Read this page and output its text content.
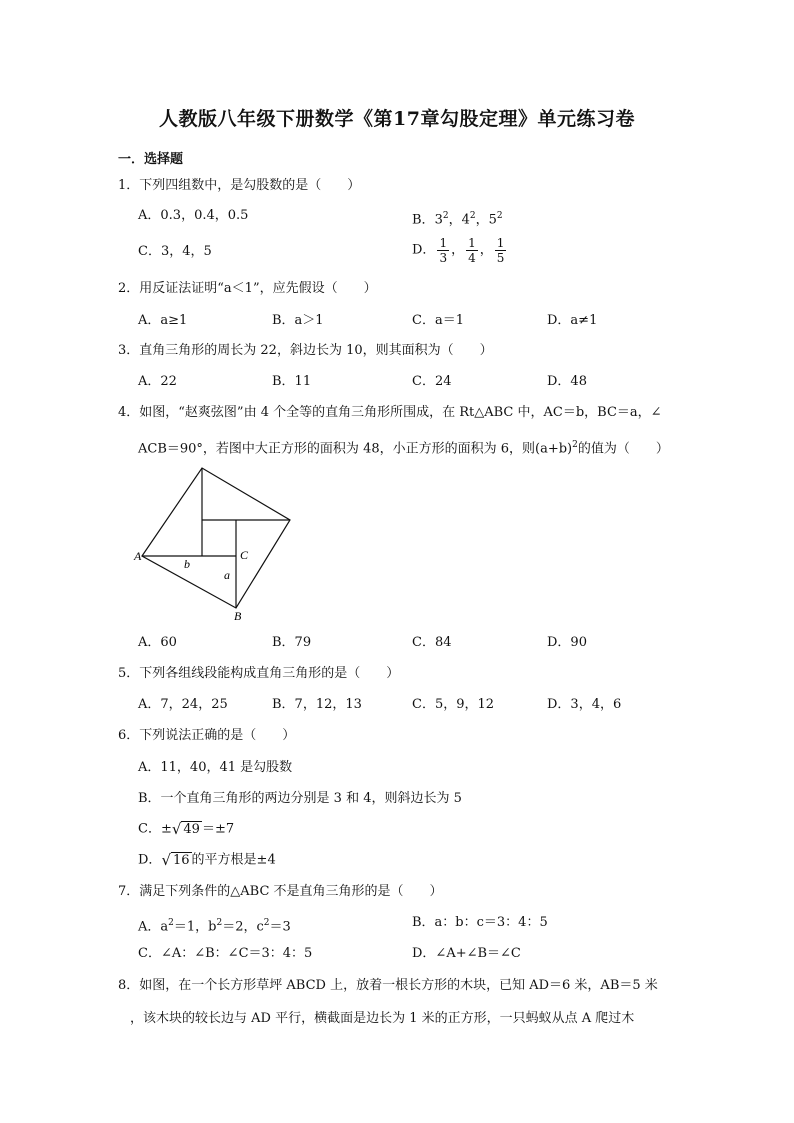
人教版八年级下册数学《第17章勾股定理》单元练习卷
一．选择题
1．下列四组数中，是勾股数的是（　　）
A．0.3，0.4，0.5	B．$3^2$，$4^2$，$5^2$
C．3，4，5	D． $\frac{1}{3}$ ， $\frac{1}{4}$ ， $\frac{1}{5}$
2．用反证法证明“a＜1”，应先假设（　　）
A．a≥1	B．a＞1	C．a＝1	D．a≠1
3．直角三角形的周长为 22，斜边长为 10，则其面积为（　　）
A．22	B．11	C．24	D．48
4．如图，“赵爽弦图”由 4 个全等的直角三角形所围成，在 Rt△ABC 中，AC＝b，BC＝a，∠
ACB＝90°，若图中大正方形的面积为 48，小正方形的面积为 6，则$(a+b)^2$的值为（　　）
A	C
B
a
b
A．60	B．79	C．84	D．90
5．下列各组线段能构成直角三角形的是（　　）
A．7，24，25	B．7，12，13	C．5，9，12	D．3，4，6
6．下列说法正确的是（　　）
A．11，40，41 是勾股数
B．一个直角三角形的两边分别是 3 和 4，则斜边长为 5
C．± √ 49 ＝±7
D． √ 16 的平方根是±4
7．满足下列条件的△ABC 不是直角三角形的是（　　）
A．$a^2=1$，$b^2=2$，$c^2=3$	B．a：b：c＝3：4：5
C．∠A：∠B：∠C＝3：4：5	D．∠A+∠B＝∠C
8．如图，在一个长方形草坪 ABCD 上，放着一根长方形的木块，已知 AD＝6 米，AB＝5 米
，该木块的较长边与 AD 平行，横截面是边长为 1 米的正方形，一只蚂蚁从点 A 爬过木
